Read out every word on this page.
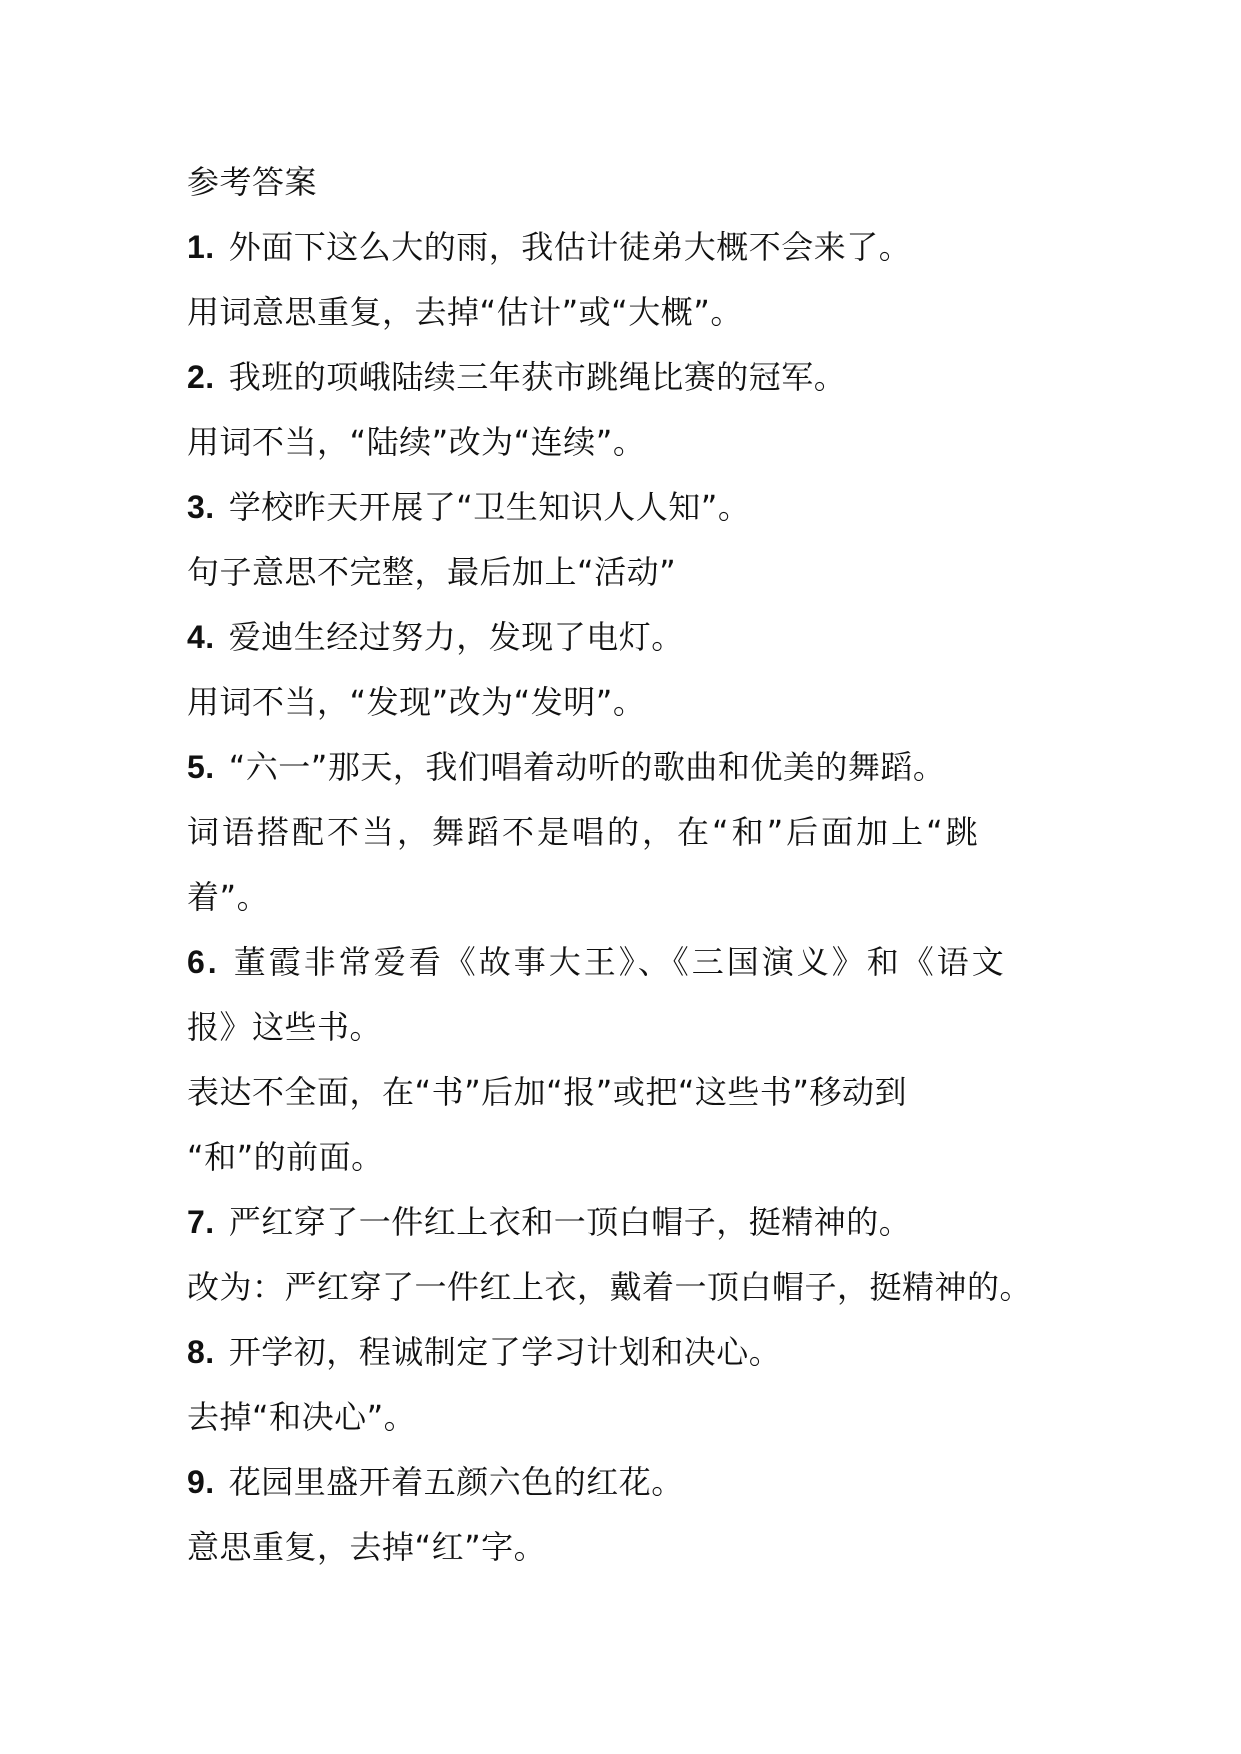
参考答案
1. 外面下这么大的雨，我估计徒弟大概不会来了。
用词意思重复，去掉“估计”或“大概”。
2. 我班的项峨陆续三年获市跳绳比赛的冠军。
用词不当，“陆续”改为“连续”。
3. 学校昨天开展了“卫生知识人人知”。
句子意思不完整，最后加上“活动”
4. 爱迪生经过努力，发现了电灯。
用词不当，“发现”改为“发明”。
5. “六一”那天，我们唱着动听的歌曲和优美的舞蹈。
词语搭配不当，舞蹈不是唱的，在“和”后面加上“跳
着”。
6. 董霞非常爱看《故事大王》、《三国演义》和《语文
报》这些书。
表达不全面，在“书”后加“报”或把“这些书”移动到
“和”的前面。
7. 严红穿了一件红上衣和一顶白帽子，挺精神的。
改为：严红穿了一件红上衣，戴着一顶白帽子，挺精神的。
8. 开学初，程诚制定了学习计划和决心。
去掉“和决心”。
9. 花园里盛开着五颜六色的红花。
意思重复，去掉“红”字。
